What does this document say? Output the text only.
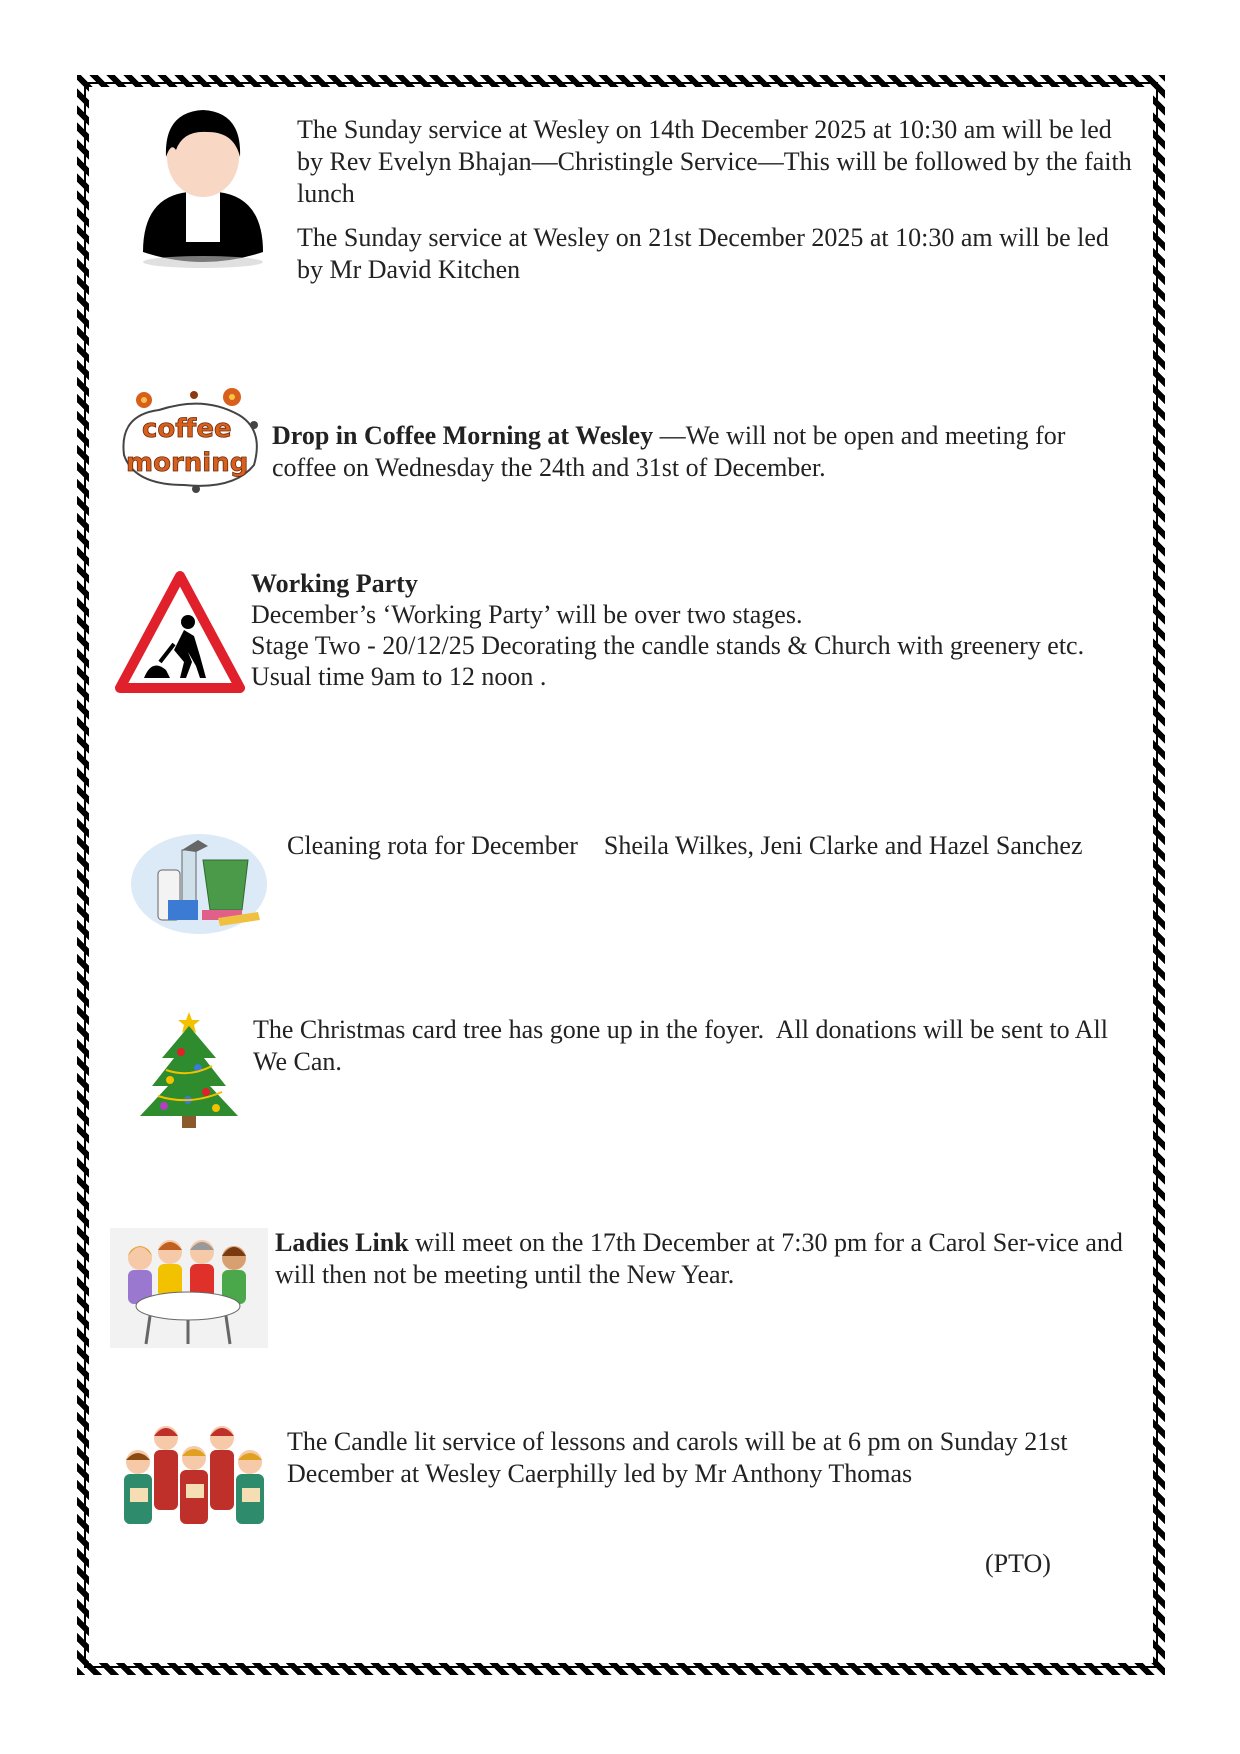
The Sunday service at Wesley on 14th December 2025 at 10:30 am will be led by Rev Evelyn Bhajan—Christingle Service—This will be followed by the faith lunch

The Sunday service at Wesley on 21st December 2025 at 10:30 am will be led by Mr David Kitchen

coffee
morning

Drop in Coffee Morning at Wesley —We will not be open and meeting for coffee on Wednesday the 24th and 31st of December.

Working Party

December’s ‘Working Party’ will be over two stages.

Stage Two - 20/12/25 Decorating the candle stands & Church with greenery etc.

Usual time 9am to 12 noon .

Cleaning rota for December    Sheila Wilkes, Jeni Clarke and Hazel Sanchez

The Christmas card tree has gone up in the foyer.  All donations will be sent to All We Can.

Ladies Link will meet on the 17th December at 7:30 pm for a Carol Ser-vice and will then not be meeting until the New Year.

The Candle lit service of lessons and carols will be at 6 pm on Sunday 21st December at Wesley Caerphilly led by Mr Anthony Thomas

(PTO)
